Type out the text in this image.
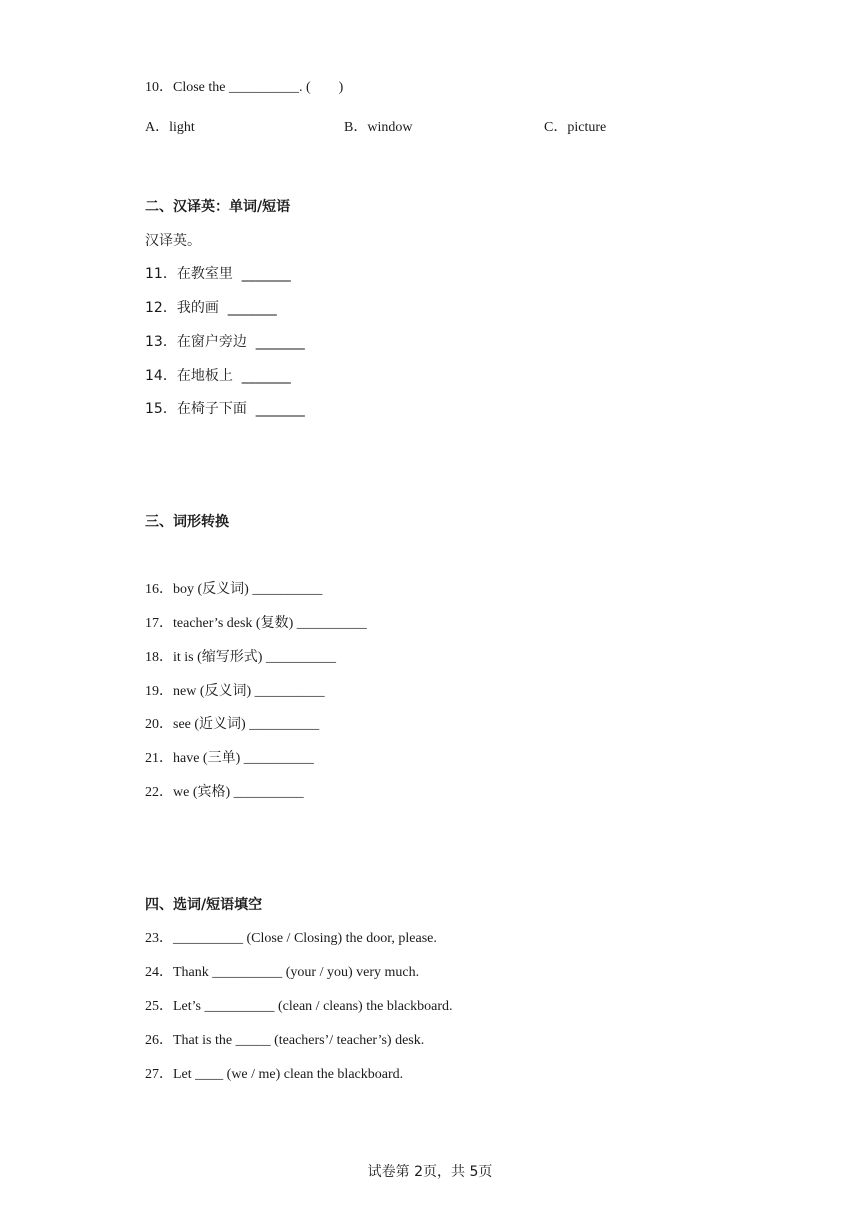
10．Close the __________. (        )
A．light	B．window	C．picture
二、汉译英：单词/短语
汉译英。
11．在教室里  _______
12．我的画  _______
13．在窗户旁边  _______
14．在地板上  _______
15．在椅子下面  _______
三、词形转换
16．boy (反义词) __________
17．teacher’s desk (复数) __________
18．it is (缩写形式) __________
19．new (反义词) __________
20．see (近义词) __________
21．have (三单) __________
22．we (宾格) __________
四、选词/短语填空
23．__________ (Close / Closing) the door, please.
24．Thank __________ (your / you) very much.
25．Let’s __________ (clean / cleans) the blackboard.
26．That is the _____ (teachers’/ teacher’s) desk.
27．Let ____ (we / me) clean the blackboard.
试卷第 2页，共 5页
